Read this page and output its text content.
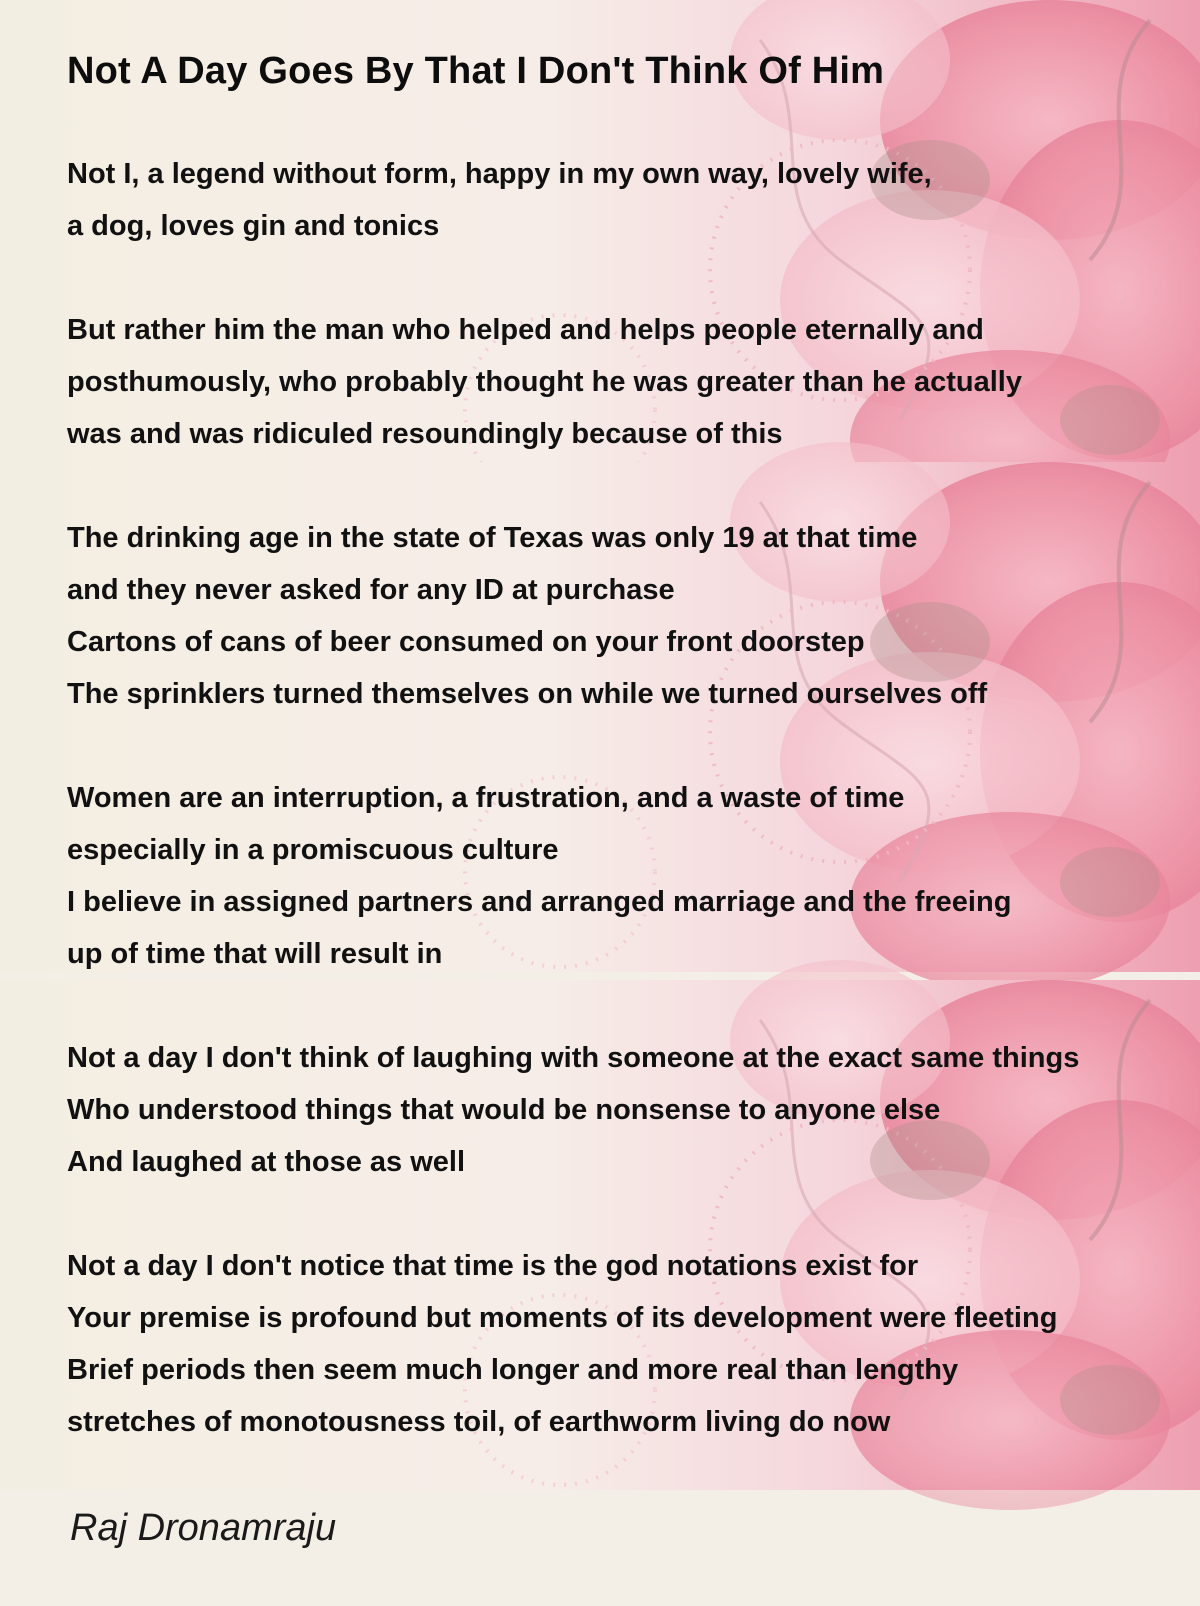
Not A Day Goes By That I Don't Think Of Him
Not I, a legend without form, happy in my own way, lovely wife,
a dog, loves gin and tonics
But rather him the man who helped and helps people eternally and
posthumously, who probably thought he was greater than he actually
was and was ridiculed resoundingly because of this
The drinking age in the state of Texas was only 19 at that time
and they never asked for any ID at purchase
Cartons of cans of beer consumed on your front doorstep
The sprinklers turned themselves on while we turned ourselves off
Women are an interruption, a frustration, and a waste of time
especially in a promiscuous culture
I believe in assigned partners and arranged marriage and the freeing
up of time that will result in
Not a day I don't think of laughing with someone at the exact same things
Who understood things that would be nonsense to anyone else
And laughed at those as well
Not a day I don't notice that time is the god notations exist for
Your premise is profound but moments of its development were fleeting
Brief periods then seem much longer and more real than lengthy
stretches of monotousness toil, of earthworm living do now

Raj Dronamraju
